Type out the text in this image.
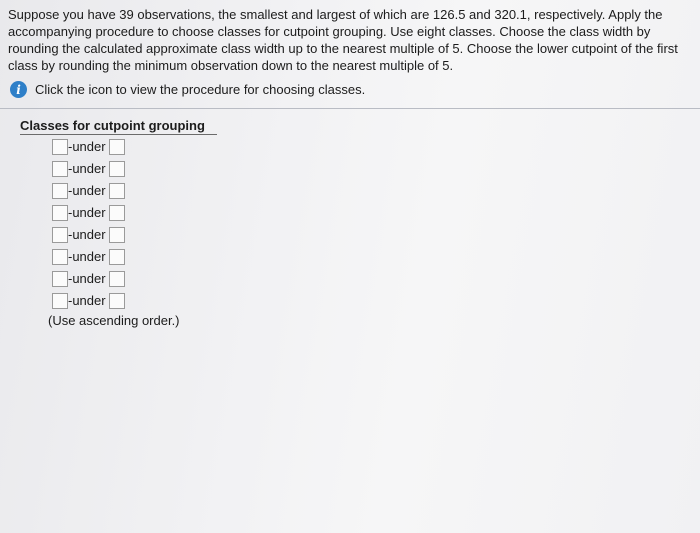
Suppose you have 39 observations, the smallest and largest of which are 126.5 and 320.1, respectively. Apply the accompanying procedure to choose classes for cutpoint grouping. Use eight classes. Choose the class width by rounding the calculated approximate class width up to the nearest multiple of 5. Choose the lower cutpoint of the first class by rounding the minimum observation down to the nearest multiple of 5.
i	Click the icon to view the procedure for choosing classes.
Classes for cutpoint grouping
-under
-under
-under
-under
-under
-under
-under
-under
(Use ascending order.)
